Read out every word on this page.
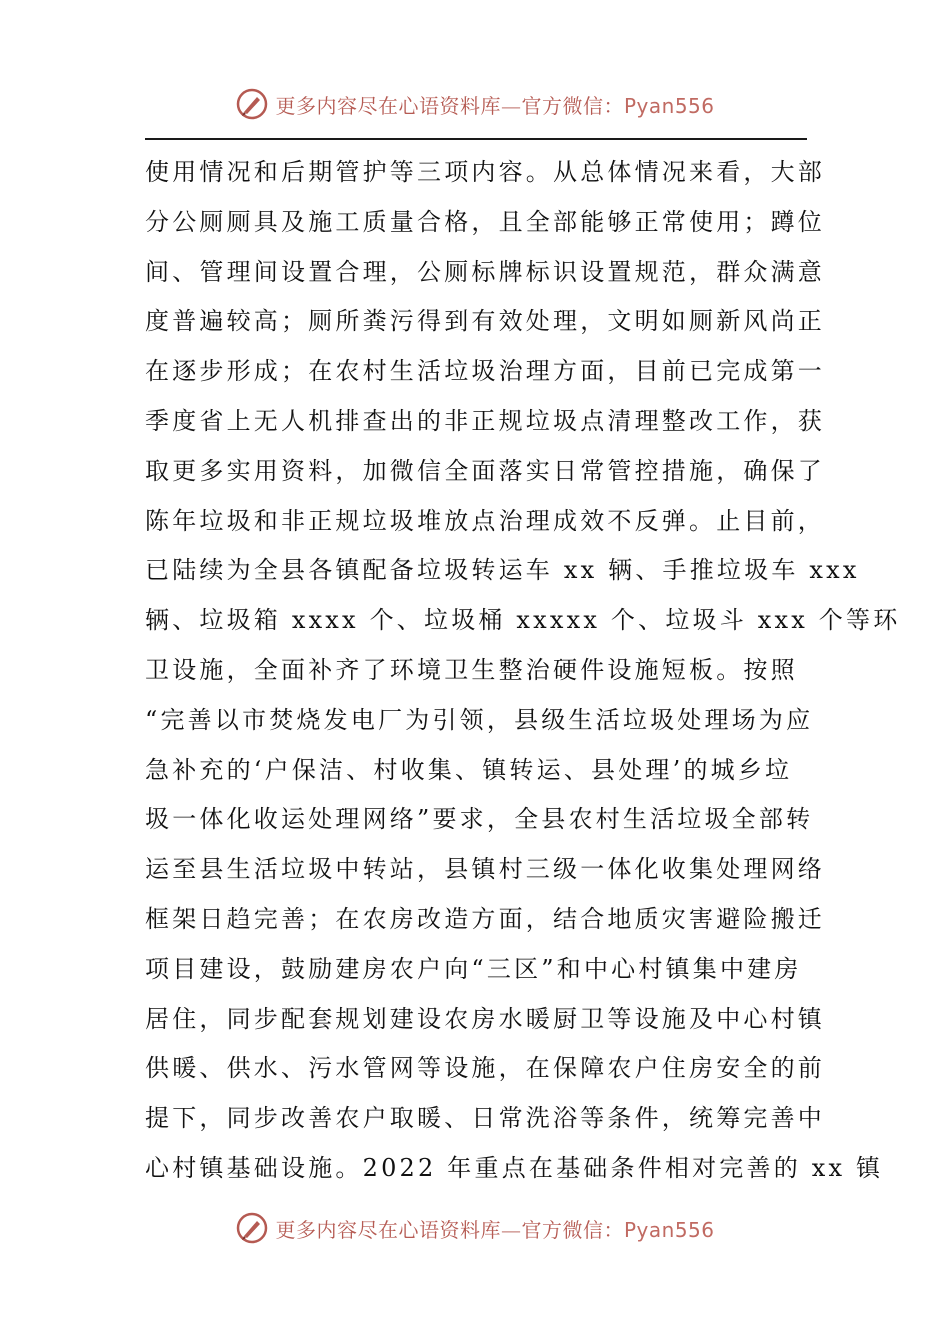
更多内容尽在心语资料库—官方微信：Pyan556
使用情况和后期管护等三项内容。从总体情况来看，大部
分公厕厕具及施工质量合格，且全部能够正常使用；蹲位
间、管理间设置合理，公厕标牌标识设置规范，群众满意
度普遍较高；厕所粪污得到有效处理，文明如厕新风尚正
在逐步形成；在农村生活垃圾治理方面，目前已完成第一
季度省上无人机排查出的非正规垃圾点清理整改工作，获
取更多实用资料，加微信全面落实日常管控措施，确保了
陈年垃圾和非正规垃圾堆放点治理成效不反弹。止目前，
已陆续为全县各镇配备垃圾转运车 xx 辆、手推垃圾车 xxx
辆、垃圾箱 xxxx 个、垃圾桶 xxxxx 个、垃圾斗 xxx 个等环
卫设施，全面补齐了环境卫生整治硬件设施短板。按照
“完善以市焚烧发电厂为引领，县级生活垃圾处理场为应
急补充的‘户保洁、村收集、镇转运、县处理’的城乡垃
圾一体化收运处理网络”要求，全县农村生活垃圾全部转
运至县生活垃圾中转站，县镇村三级一体化收集处理网络
框架日趋完善；在农房改造方面，结合地质灾害避险搬迁
项目建设，鼓励建房农户向“三区”和中心村镇集中建房
居住，同步配套规划建设农房水暖厨卫等设施及中心村镇
供暖、供水、污水管网等设施，在保障农户住房安全的前
提下，同步改善农户取暖、日常洗浴等条件，统筹完善中
心村镇基础设施。2022 年重点在基础条件相对完善的 xx 镇
更多内容尽在心语资料库—官方微信：Pyan556
